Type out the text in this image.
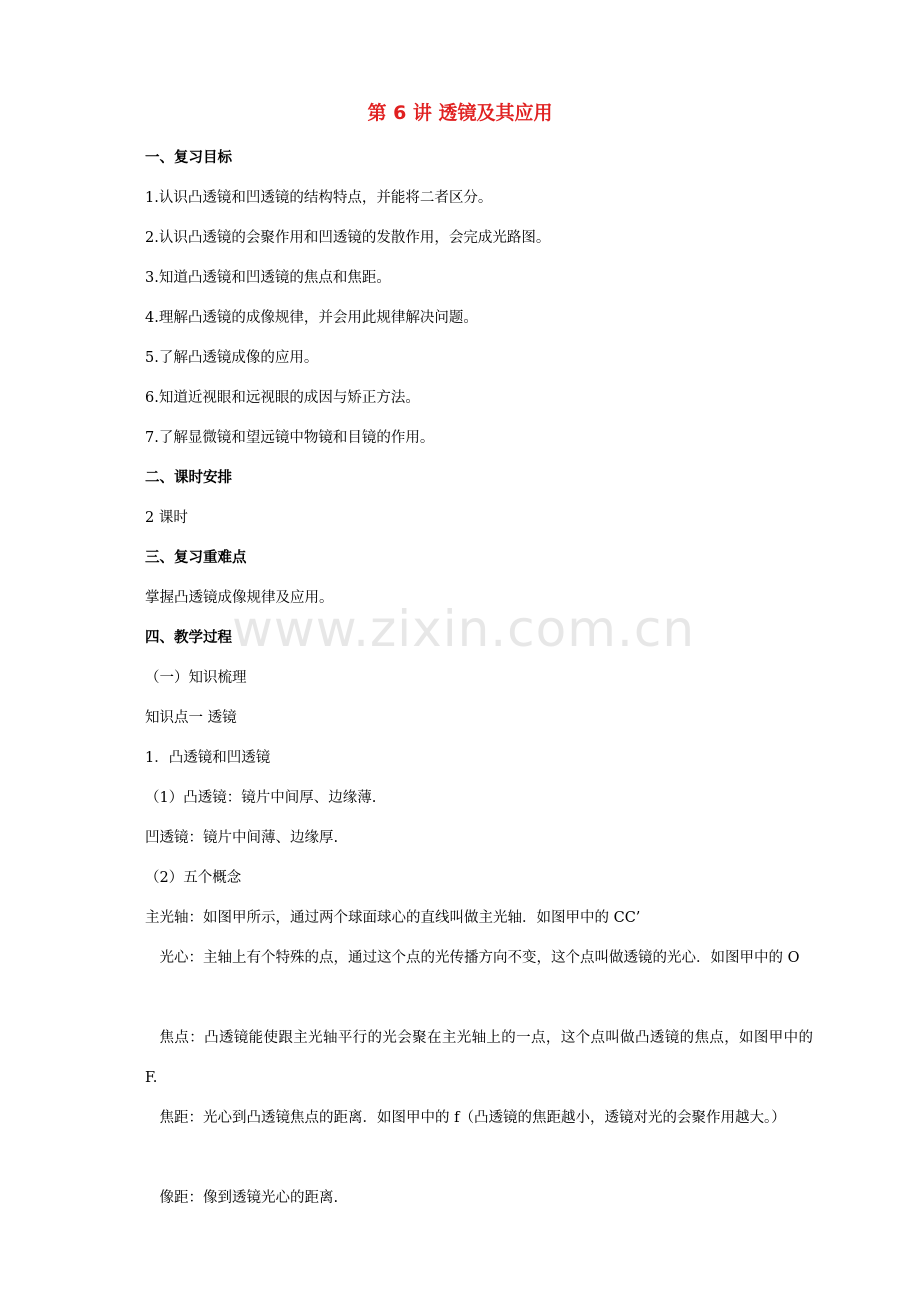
www.zixin.com.cn
第 6 讲 透镜及其应用
一、复习目标
1.认识凸透镜和凹透镜的结构特点，并能将二者区分。
2.认识凸透镜的会聚作用和凹透镜的发散作用，会完成光路图。
3.知道凸透镜和凹透镜的焦点和焦距。
4.理解凸透镜的成像规律，并会用此规律解决问题。
5.了解凸透镜成像的应用。
6.知道近视眼和远视眼的成因与矫正方法。
7.了解显微镜和望远镜中物镜和目镜的作用。
二、课时安排
2 课时
三、复习重难点
掌握凸透镜成像规律及应用。
四、教学过程
（一）知识梳理
知识点一 透镜
1．凸透镜和凹透镜
（1）凸透镜：镜片中间厚、边缘薄.
凹透镜：镜片中间薄、边缘厚.
（2）五个概念
主光轴：如图甲所示，通过两个球面球心的直线叫做主光轴．如图甲中的 CC’
光心：主轴上有个特殊的点，通过这个点的光传播方向不变，这个点叫做透镜的光心．如图甲中的 O
焦点：凸透镜能使跟主光轴平行的光会聚在主光轴上的一点，这个点叫做凸透镜的焦点，如图甲中的 F.
焦距：光心到凸透镜焦点的距离．如图甲中的 f（凸透镜的焦距越小，透镜对光的会聚作用越大。）
像距：像到透镜光心的距离.
